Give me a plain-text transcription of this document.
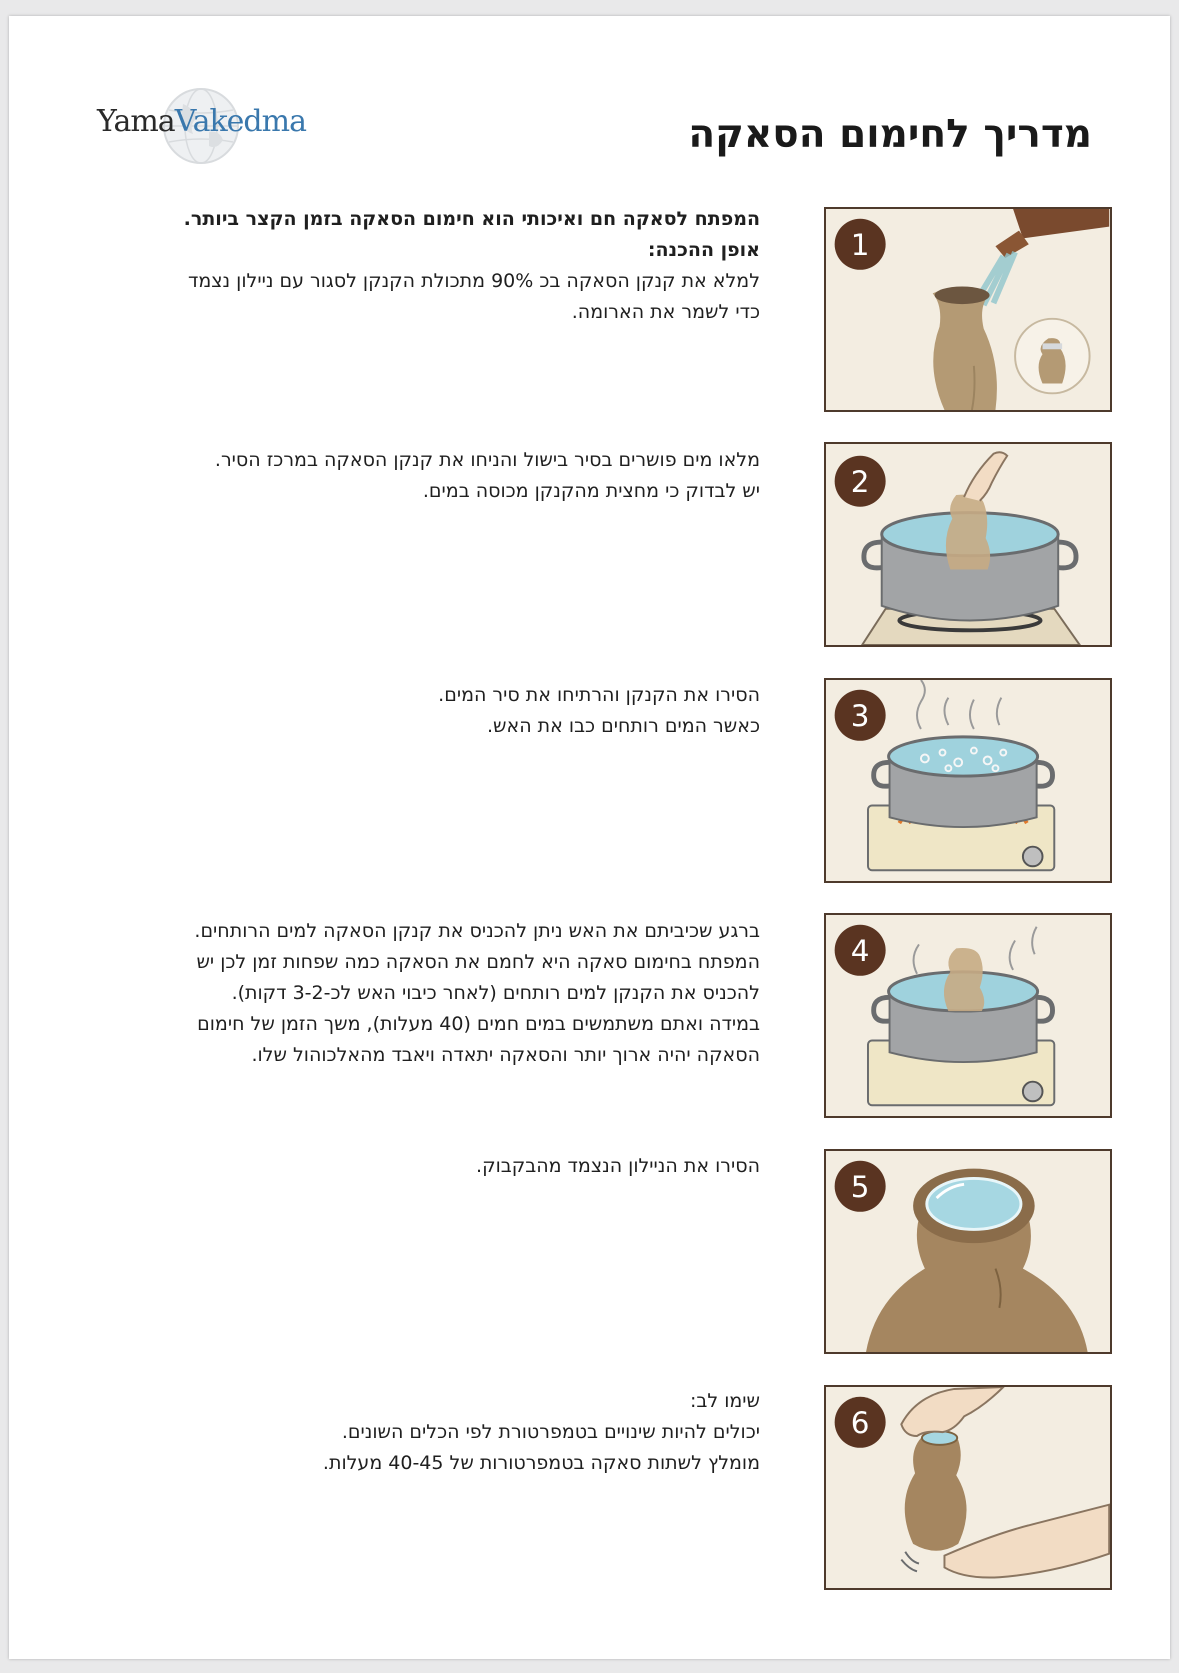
YamaVakedma	מדריך לחימום הסאקה

המפתח לסאקה חם ואיכותי הוא חימום הסאקה בזמן הקצר ביותר.

אופן ההכנה:

למלא את קנקן הסאקה בכ 90% מתכולת הקנקן לסגור עם ניילון נצמד

כדי לשמר את הארומה.

מלאו מים פושרים בסיר בישול והניחו את קנקן הסאקה במרכז הסיר.

יש לבדוק כי מחצית מהקנקן מכוסה במים.

הסירו את הקנקן והרתיחו את סיר המים.

כאשר המים רותחים כבו את האש.

ברגע שכיביתם את האש ניתן להכניס את קנקן הסאקה למים הרותחים.

המפתח בחימום סאקה היא לחמם את הסאקה כמה שפחות זמן לכן יש

להכניס את הקנקן למים רותחים (לאחר כיבוי האש לכ-3-2 דקות).

במידה ואתם משתמשים במים חמים (40 מעלות), משך הזמן של חימום

הסאקה יהיה ארוך יותר והסאקה יתאדה ויאבד מהאלכוהול שלו.

הסירו את הניילון הנצמד מהבקבוק.

שימו לב:

יכולים להיות שינויים בטמפרטורת לפי הכלים השונים.

מומלץ לשתות סאקה בטמפרטורות של 40-45 מעלות.

1
2
3
4
5
6
